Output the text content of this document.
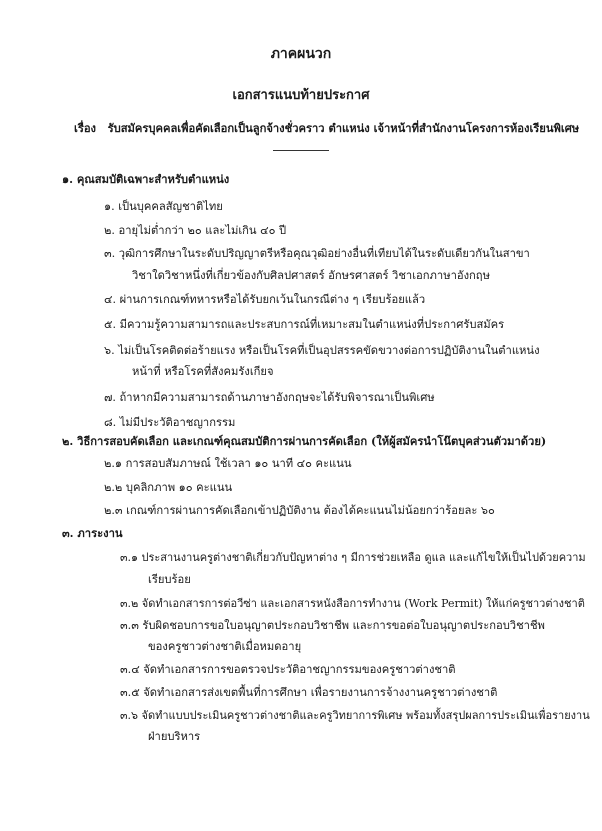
ภาคผนวก
เอกสารแนบท้ายประกาศ
เรื่อง รับสมัครบุคคลเพื่อคัดเลือกเป็นลูกจ้างชั่วคราว ตำแหน่ง เจ้าหน้าที่สำนักงานโครงการห้องเรียนพิเศษ
๑. คุณสมบัติเฉพาะสำหรับตำแหน่ง
๑. เป็นบุคคลสัญชาติไทย
๒. อายุไม่ต่ำกว่า ๒๐ และไม่เกิน ๔๐ ปี
๓. วุฒิการศึกษาในระดับปริญญาตรีหรือคุณวุฒิอย่างอื่นที่เทียบได้ในระดับเดียวกันในสาขา
วิชาใดวิชาหนึ่งที่เกี่ยวข้องกับศิลปศาสตร์ อักษรศาสตร์ วิชาเอกภาษาอังกฤษ
๔. ผ่านการเกณฑ์ทหารหรือได้รับยกเว้นในกรณีต่าง ๆ เรียบร้อยแล้ว
๕. มีความรู้ความสามารถและประสบการณ์ที่เหมาะสมในตำแหน่งที่ประกาศรับสมัคร
๖. ไม่เป็นโรคติดต่อร้ายแรง หรือเป็นโรคที่เป็นอุปสรรคขัดขวางต่อการปฏิบัติงานในตำแหน่ง
หน้าที่ หรือโรคที่สังคมรังเกียจ
๗. ถ้าหากมีความสามารถด้านภาษาอังกฤษจะได้รับพิจารณาเป็นพิเศษ
๘. ไม่มีประวัติอาชญากรรม
๒. วิธีการสอบคัดเลือก และเกณฑ์คุณสมบัติการผ่านการคัดเลือก (ให้ผู้สมัครนำโน๊ตบุคส่วนตัวมาด้วย)
๒.๑ การสอบสัมภาษณ์ ใช้เวลา ๑๐ นาที ๔๐ คะแนน
๒.๒ บุคลิกภาพ ๑๐ คะแนน
๒.๓ เกณฑ์การผ่านการคัดเลือกเข้าปฏิบัติงาน ต้องได้คะแนนไม่น้อยกว่าร้อยละ ๖๐
๓. ภาระงาน
๓.๑ ประสานงานครูต่างชาติเกี่ยวกับปัญหาต่าง ๆ มีการช่วยเหลือ ดูแล และแก้ไขให้เป็นไปด้วยความ
เรียบร้อย
๓.๒ จัดทำเอกสารการต่อวีซ่า และเอกสารหนังสือการทำงาน (Work Permit) ให้แก่ครูชาวต่างชาติ
๓.๓ รับผิดชอบการขอใบอนุญาตประกอบวิชาชีพ และการขอต่อใบอนุญาตประกอบวิชาชีพ
ของครูชาวต่างชาติเมื่อหมดอายุ
๓.๔ จัดทำเอกสารการขอตรวจประวัติอาชญากรรมของครูชาวต่างชาติ
๓.๕ จัดทำเอกสารส่งเขตพื้นที่การศึกษา เพื่อรายงานการจ้างงานครูชาวต่างชาติ
๓.๖ จัดทำแบบประเมินครูชาวต่างชาติและครูวิทยาการพิเศษ พร้อมทั้งสรุปผลการประเมินเพื่อรายงาน
ฝ่ายบริหาร
